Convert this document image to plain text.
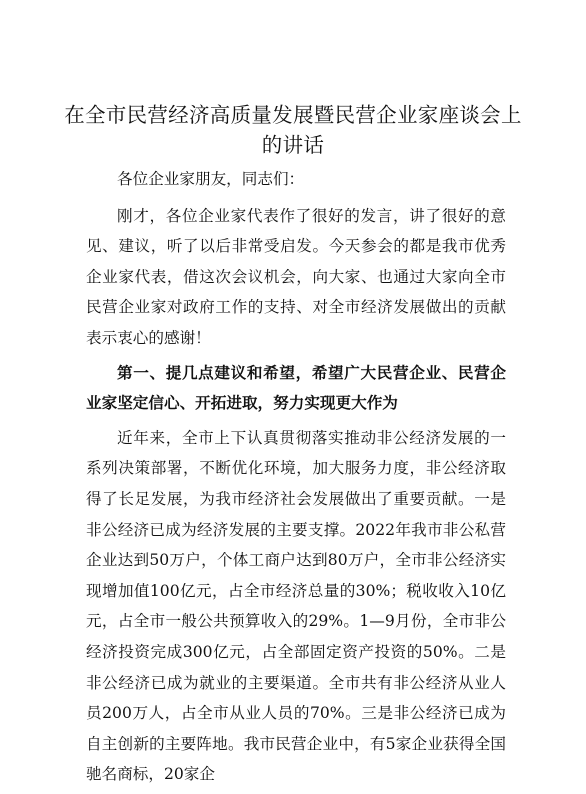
在全市民营经济高质量发展暨民营企业家座谈会上的讲话

各位企业家朋友，同志们：

刚才，各位企业家代表作了很好的发言，讲了很好的意见、建议，听了以后非常受启发。今天参会的都是我市优秀企业家代表，借这次会议机会，向大家、也通过大家向全市民营企业家对政府工作的支持、对全市经济发展做出的贡献表示衷心的感谢！

第一、提几点建议和希望，希望广大民营企业、民营企业家坚定信心、开拓进取，努力实现更大作为

近年来，全市上下认真贯彻落实推动非公经济发展的一系列决策部署，不断优化环境，加大服务力度，非公经济取得了长足发展，为我市经济社会发展做出了重要贡献。一是非公经济已成为经济发展的主要支撑。2022年我市非公私营企业达到50万户，个体工商户达到80万户，全市非公经济实现增加值100亿元，占全市经济总量的30%；税收收入10亿元，占全市一般公共预算收入的29%。1—9月份，全市非公经济投资完成300亿元，占全部固定资产投资的50%。二是非公经济已成为就业的主要渠道。全市共有非公经济从业人员200万人，占全市从业人员的70%。三是非公经济已成为自主创新的主要阵地。我市民营企业中，有5家企业获得全国驰名商标，20家企
